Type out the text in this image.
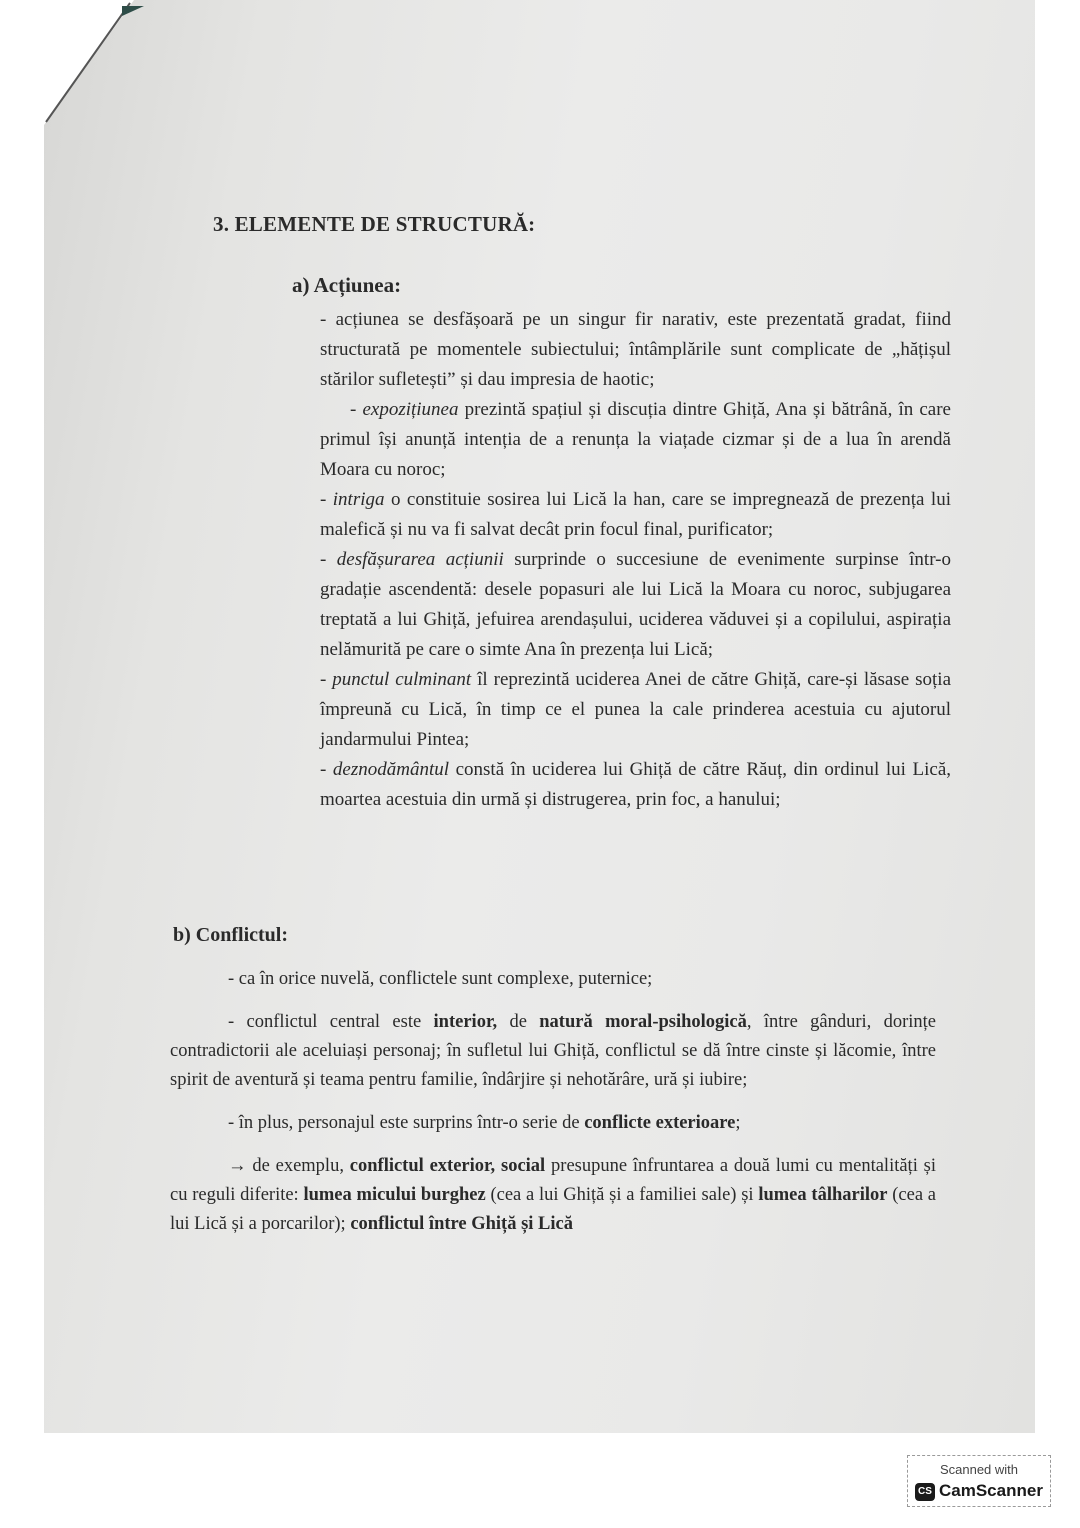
3. ELEMENTE DE STRUCTURĂ:
a) Acțiunea:

- acțiunea se desfășoară pe un singur fir narativ, este prezentată gradat, fiind structurată pe momentele subiectului; întâmplările sunt complicate de „hățișul stărilor sufletești” și dau impresia de haotic;

- expozițiunea prezintă spațiul și discuția dintre Ghiță, Ana și bătrână, în care primul își anunță intenția de a renunța la viațade cizmar și de a lua în arendă Moara cu noroc;

- intriga o constituie sosirea lui Lică la han, care se impregnează de prezența lui malefică și nu va fi salvat decât prin focul final, purificator;

- desfășurarea acțiunii surprinde o succesiune de evenimente surpinse într-o gradație ascendentă: desele popasuri ale lui Lică la Moara cu noroc, subjugarea treptată a lui Ghiță, jefuirea arendașului, uciderea văduvei și a copilului, aspirația nelămurită pe care o simte Ana în prezența lui Lică;

- punctul culminant îl reprezintă uciderea Anei de către Ghiță, care-și lăsase soția împreună cu Lică, în timp ce el punea la cale prinderea acestuia cu ajutorul jandarmului Pintea;

- deznodământul constă în uciderea lui Ghiță de către Răuț, din ordinul lui Lică, moartea acestuia din urmă și distrugerea, prin foc, a hanului;

b) Conflictul:

- ca în orice nuvelă, conflictele sunt complexe, puternice;

- conflictul central este interior, de natură moral-psihologică, între gânduri, dorințe contradictorii ale aceluiași personaj; în sufletul lui Ghiță, conflictul se dă între cinste și lăcomie, între spirit de aventură și teama pentru familie, îndârjire și nehotărâre, ură și iubire;

- în plus, personajul este surprins într-o serie de conflicte exterioare;

→ de exemplu, conflictul exterior, social presupune înfruntarea a două lumi cu mentalități și cu reguli diferite: lumea micului burghez (cea a lui Ghiță și a familiei sale) și lumea tâlharilor (cea a lui Lică și a porcarilor); conflictul între Ghiță și Lică

Scanned with
CS CamScanner
